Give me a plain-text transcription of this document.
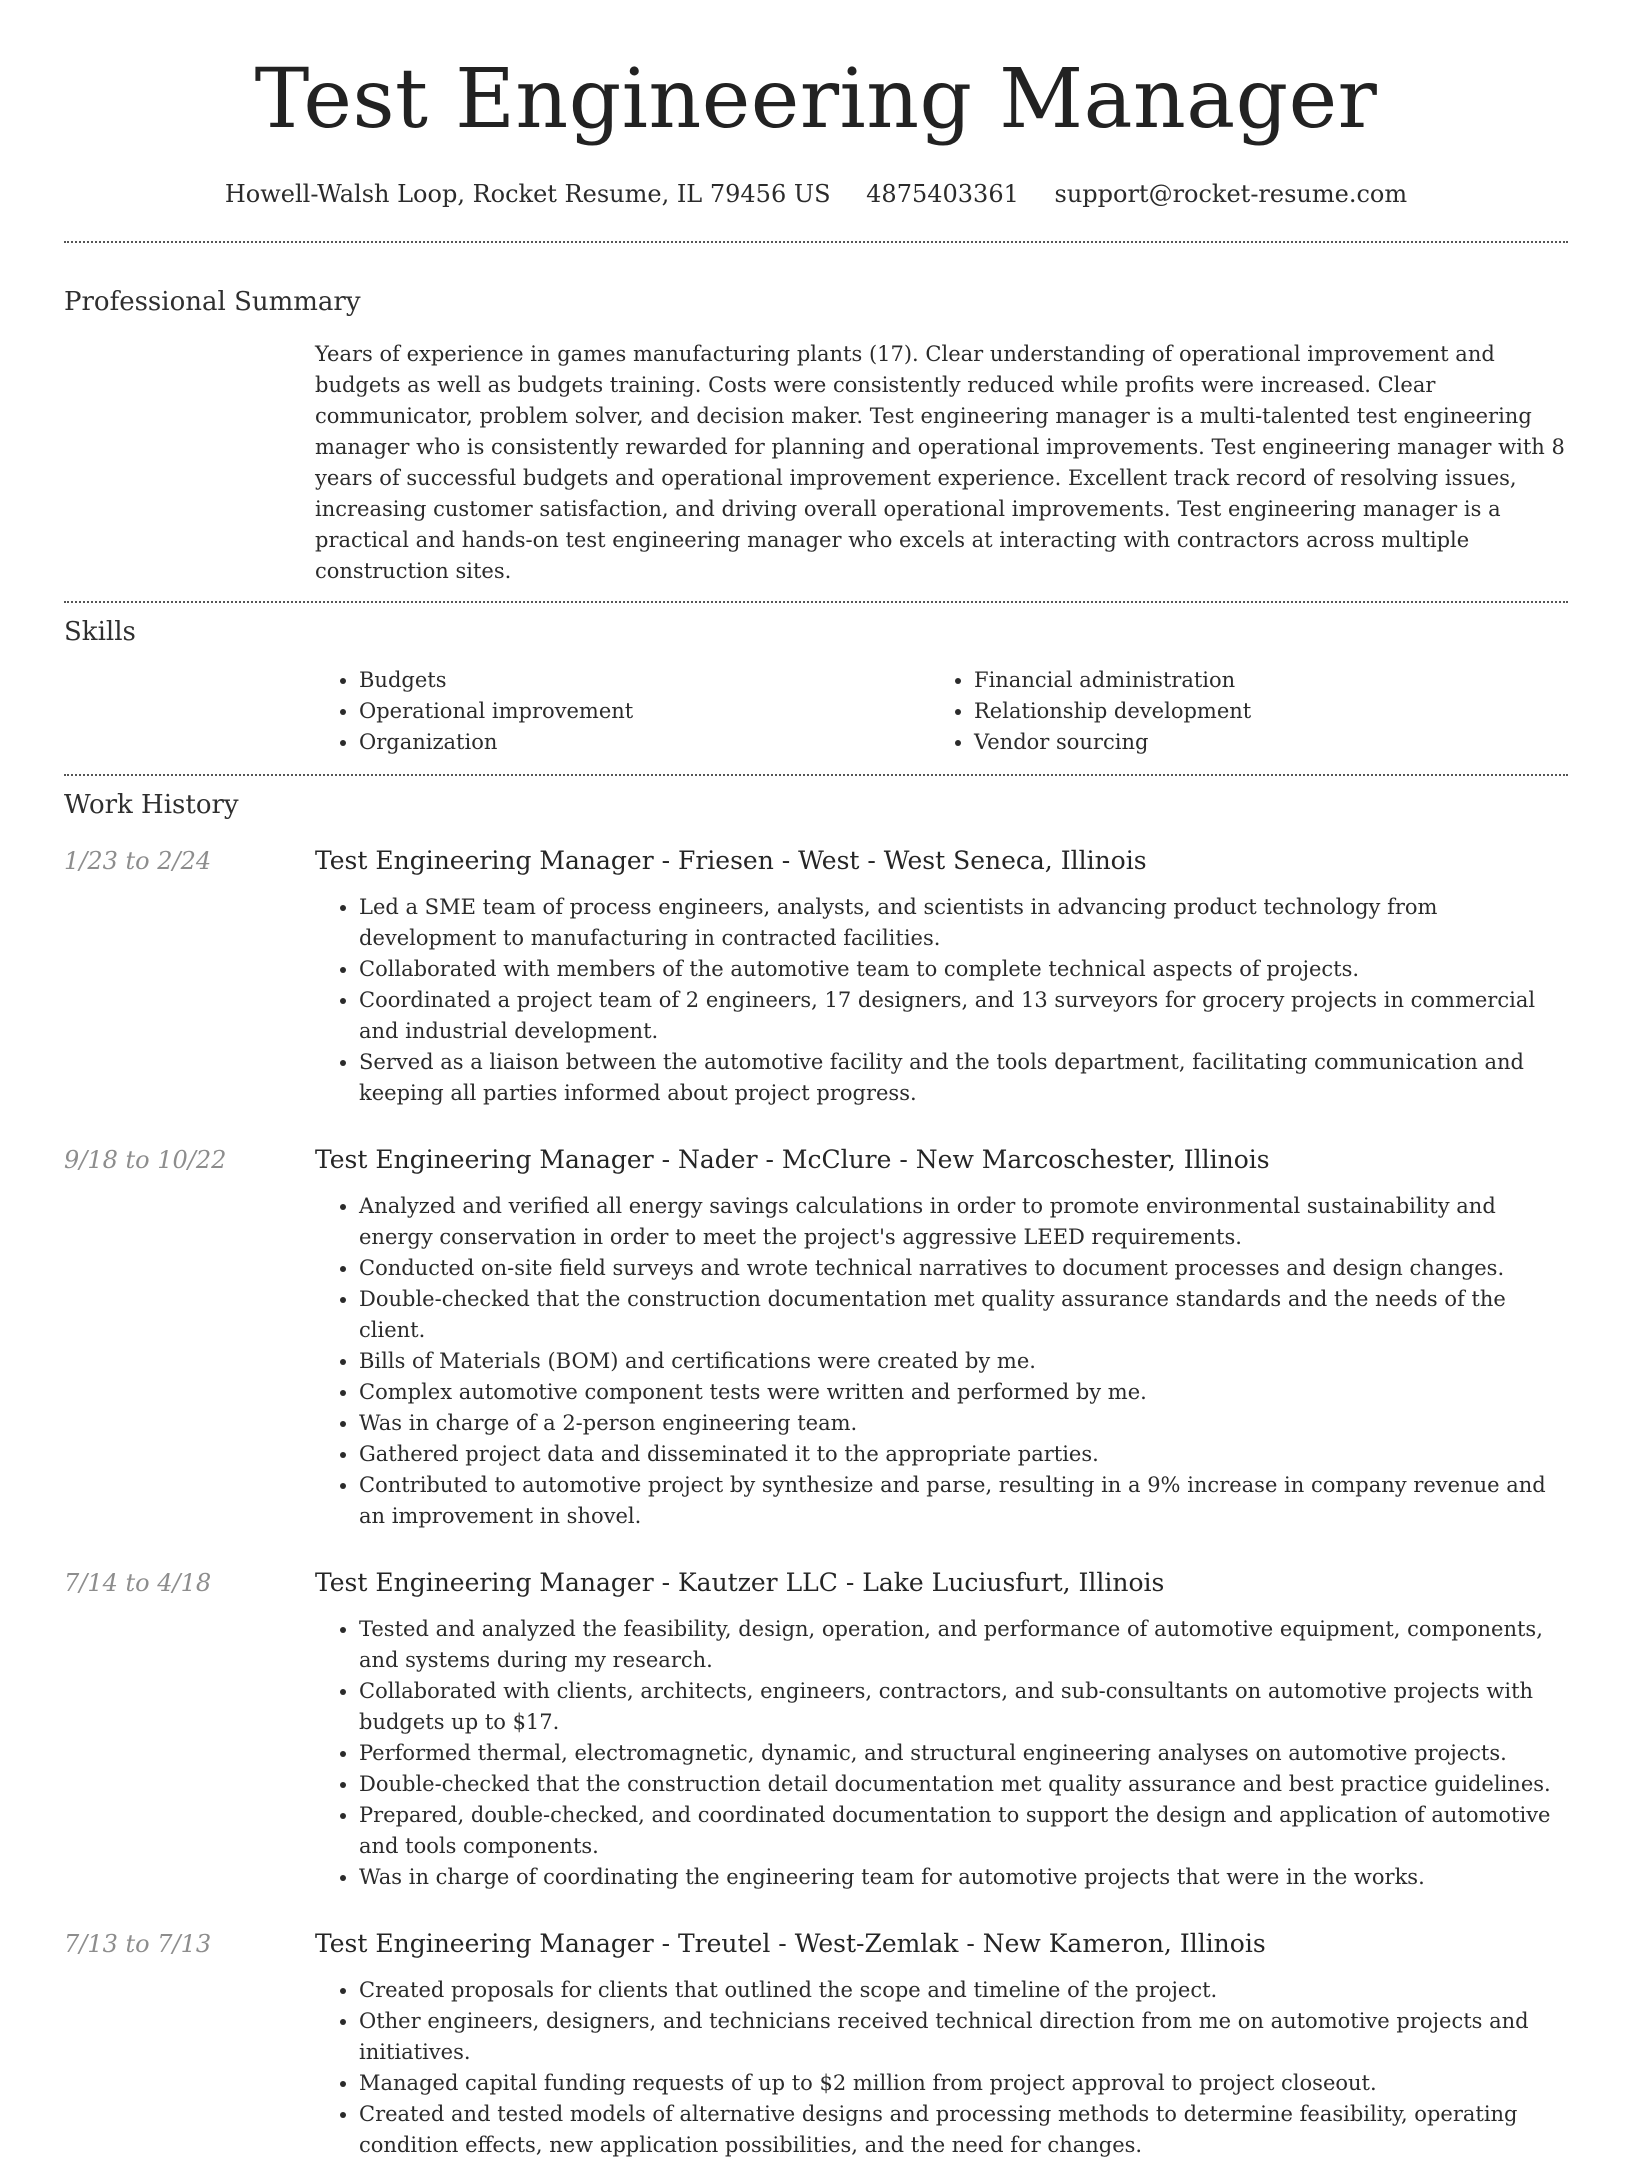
Test Engineering Manager
Howell-Walsh Loop, Rocket Resume, IL 79456 US 4875403361 support@rocket-resume.com
Professional Summary

Years of experience in games manufacturing plants (17). Clear understanding of operational improvement and budgets as well as budgets training. Costs were consistently reduced while profits were increased. Clear communicator, problem solver, and decision maker. Test engineering manager is a multi-talented test engineering manager who is consistently rewarded for planning and operational improvements. Test engineering manager with 8 years of successful budgets and operational improvement experience. Excellent track record of resolving issues, increasing customer satisfaction, and driving overall operational improvements. Test engineering manager is a practical and hands-on test engineering manager who excels at interacting with contractors across multiple construction sites.

Skills
• Budgets
• Operational improvement
• Organization
• Financial administration
• Relationship development
• Vendor sourcing
Work History
1/23 to 2/24	Test Engineering Manager - Friesen - West - West Seneca, Illinois
• Led a SME team of process engineers, analysts, and scientists in advancing product technology from development to manufacturing in contracted facilities.
• Collaborated with members of the automotive team to complete technical aspects of projects.
• Coordinated a project team of 2 engineers, 17 designers, and 13 surveyors for grocery projects in commercial and industrial development.
• Served as a liaison between the automotive facility and the tools department, facilitating communication and keeping all parties informed about project progress.
9/18 to 10/22	Test Engineering Manager - Nader - McClure - New Marcoschester, Illinois
• Analyzed and verified all energy savings calculations in order to promote environmental sustainability and energy conservation in order to meet the project's aggressive LEED requirements.
• Conducted on-site field surveys and wrote technical narratives to document processes and design changes.
• Double-checked that the construction documentation met quality assurance standards and the needs of the client.
• Bills of Materials (BOM) and certifications were created by me.
• Complex automotive component tests were written and performed by me.
• Was in charge of a 2-person engineering team.
• Gathered project data and disseminated it to the appropriate parties.
• Contributed to automotive project by synthesize and parse, resulting in a 9% increase in company revenue and an improvement in shovel.
7/14 to 4/18	Test Engineering Manager - Kautzer LLC - Lake Luciusfurt, Illinois
• Tested and analyzed the feasibility, design, operation, and performance of automotive equipment, components, and systems during my research.
• Collaborated with clients, architects, engineers, contractors, and sub-consultants on automotive projects with budgets up to $17.
• Performed thermal, electromagnetic, dynamic, and structural engineering analyses on automotive projects.
• Double-checked that the construction detail documentation met quality assurance and best practice guidelines.
• Prepared, double-checked, and coordinated documentation to support the design and application of automotive and tools components.
• Was in charge of coordinating the engineering team for automotive projects that were in the works.
7/13 to 7/13	Test Engineering Manager - Treutel - West-Zemlak - New Kameron, Illinois
• Created proposals for clients that outlined the scope and timeline of the project.
• Other engineers, designers, and technicians received technical direction from me on automotive projects and initiatives.
• Managed capital funding requests of up to $2 million from project approval to project closeout.
• Created and tested models of alternative designs and processing methods to determine feasibility, operating condition effects, new application possibilities, and the need for changes.
